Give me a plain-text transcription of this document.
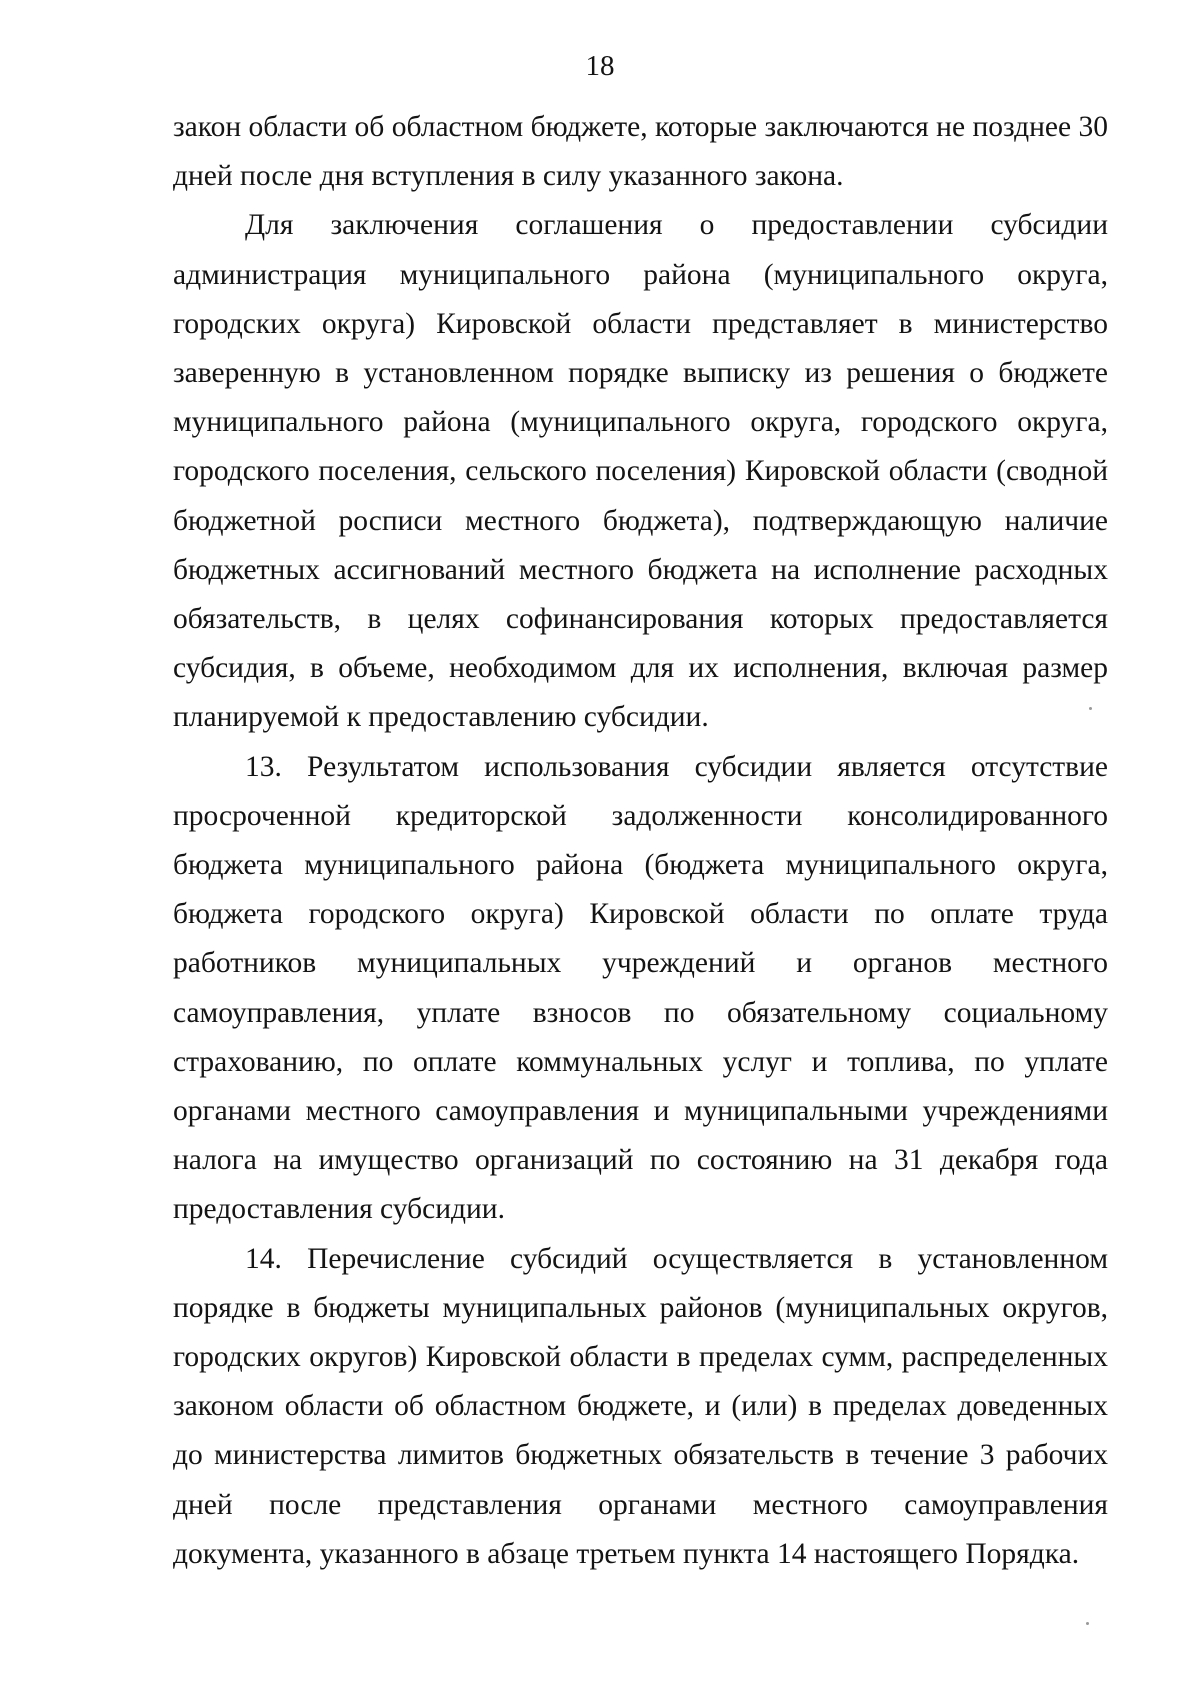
18

закон области об областном бюджете, которые заключаются не позднее 30 дней после дня вступления в силу указанного закона.

Для заключения соглашения о предоставлении субсидии администрация муниципального района (муниципального округа, городских округа) Кировской области представляет в министерство заверенную в установленном порядке выписку из решения о бюджете муниципального района (муниципального округа, городского округа, городского поселения, сельского поселения) Кировской области (сводной бюджетной росписи местного бюджета), подтверждающую наличие бюджетных ассигнований местного бюджета на исполнение расходных обязательств, в целях софинансирования которых предоставляется субсидия, в объеме, необходимом для их исполнения, включая размер планируемой к предоставлению субсидии.

13. Результатом использования субсидии является отсутствие просроченной кредиторской задолженности консолидированного бюджета муниципального района (бюджета муниципального округа, бюджета городского округа) Кировской области по оплате труда работников муниципальных учреждений и органов местного самоуправления, уплате взносов по обязательному социальному страхованию, по оплате коммунальных услуг и топлива, по уплате органами местного самоуправления и муниципальными учреждениями налога на имущество организаций по состоянию на 31 декабря года предоставления субсидии.

14. Перечисление субсидий осуществляется в установленном порядке в бюджеты муниципальных районов (муниципальных округов, городских округов) Кировской области в пределах сумм, распределенных законом области об областном бюджете, и (или) в пределах доведенных до министерства лимитов бюджетных обязательств в течение 3 рабочих дней после представления органами местного самоуправления документа, указанного в абзаце третьем пункта 14 настоящего Порядка.
